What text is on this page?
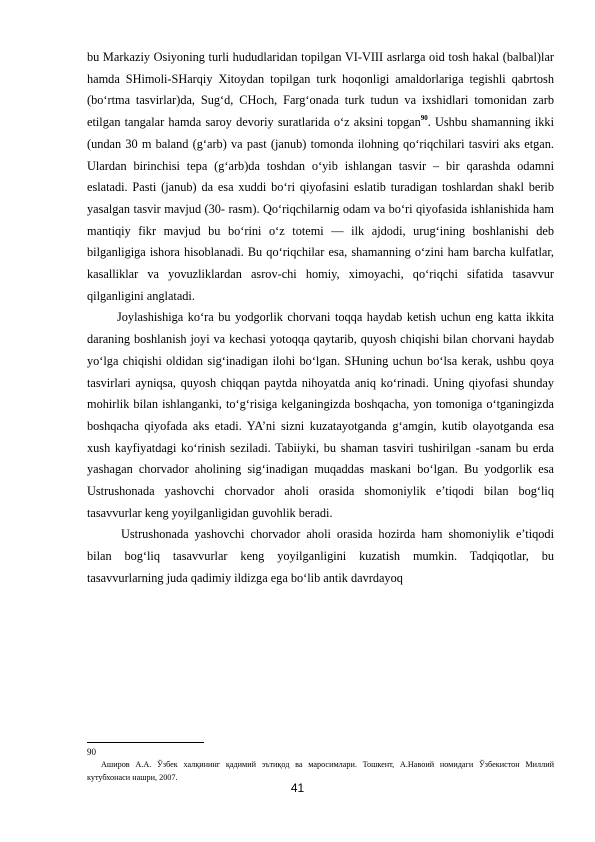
bu Markaziy Osiyoning turli hududlaridan topilgan VI-VIII asrlarga oid tosh hakal (balbal)lar hamda SHimoli-SHarqiy Xitoydan topilgan turk hoqonligi amaldorlariga tegishli qabrtosh (bo‘rtma tasvirlar)da, Sug‘d, CHoch, Farg‘onada turk tudun va ixshidlari tomonidan zarb etilgan tangalar hamda saroy devoriy suratlarida o‘z aksini topgan$^{90}$. Ushbu shamanning ikki (undan 30 m baland (g‘arb) va past (janub) tomonda ilohning qo‘riqchilari tasviri aks etgan. Ulardan birinchisi tepa (g‘arb)da toshdan o‘yib ishlangan tasvir – bir qarashda odamni eslatadi. Pasti (janub) da esa xuddi bo‘ri qiyofasini eslatib turadigan toshlardan shakl berib yasalgan tasvir mavjud (30- rasm). Qo‘riqchilarnig odam va bo‘ri qiyofasida ishlanishida ham mantiqiy fikr mavjud bu bo‘rini o‘z totemi — ilk ajdodi, urug‘ining boshlanishi deb bilganligiga ishora hisoblanadi. Bu qo‘riqchilar esa, shamanning o‘zini ham barcha kulfatlar, kasalliklar va yovuzliklardan asrov-chi homiy, ximoyachi, qo‘riqchi sifatida tasavvur qilganligini anglatadi.

Joylashishiga ko‘ra bu yodgorlik chorvani toqqa haydab ketish uchun eng katta ikkita daraning boshlanish joyi va kechasi yotoqqa qaytarib, quyosh chiqishi bilan chorvani haydab yo‘lga chiqishi oldidan sig‘inadigan ilohi bo‘lgan. SHuning uchun bo‘lsa kerak, ushbu qoya tasvirlari ayniqsa, quyosh chiqqan paytda nihoyatda aniq ko‘rinadi. Uning qiyofasi shunday mohirlik bilan ishlanganki, to‘g‘risiga kelganingizda boshqacha, yon tomoniga o‘tganingizda boshqacha qiyofada aks etadi. YA’ni sizni kuzatayotganda g‘amgin, kutib olayotganda esa xush kayfiyatdagi ko‘rinish seziladi. Tabiiyki, bu shaman tasviri tushirilgan -sanam bu erda yashagan chorvador aholining sig‘inadigan muqaddas maskani bo‘lgan. Bu yodgorlik esa Ustrushonada yashovchi chorvador aholi orasida shomoniylik e’tiqodi bilan bog‘liq tasavvurlar keng yoyilganligidan guvohlik beradi.

Ustrushonada yashovchi chorvador aholi orasida hozirda ham shomoniylik e’tiqodi bilan bog‘liq tasavvurlar keng yoyilganligini kuzatish mumkin. Tadqiqotlar, bu tasavvurlarning juda qadimiy ildizga ega bo‘lib antik davrdayoq

90
Аширов А.А. Ўзбек халқининг қадимий эътиқод ва маросимлари. Тошкент, А.Навоий номидаги Ўзбекистон Миллий кутубхонаси нашри, 2007.
41
